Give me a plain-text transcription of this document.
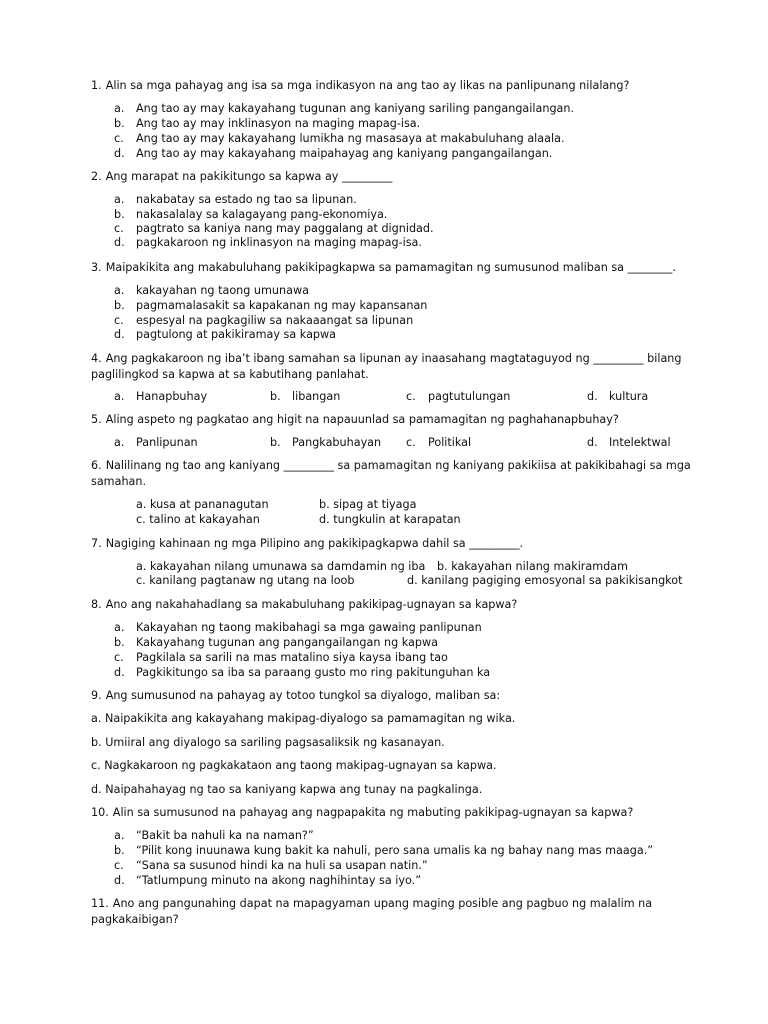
1. Alin sa mga pahayag ang isa sa mga indikasyon na ang tao ay likas na panlipunang nilalang?

a. Ang tao ay may kakayahang tugunan ang kaniyang sariling pangangailangan.
b. Ang tao ay may inklinasyon na maging mapag-isa.
c. Ang tao ay may kakayahang lumikha ng masasaya at makabuluhang alaala.
d. Ang tao ay may kakayahang maipahayag ang kaniyang pangangailangan.

2. Ang marapat na pakikitungo sa kapwa ay _________

a. nakabatay sa estado ng tao sa lipunan.
b. nakasalalay sa kalagayang pang-ekonomiya.
c. pagtrato sa kaniya nang may paggalang at dignidad.
d. pagkakaroon ng inklinasyon na maging mapag-isa.

3. Maipakikita ang makabuluhang pakikipagkapwa sa pamamagitan ng sumusunod maliban sa ________.

a. kakayahan ng taong umunawa
b. pagmamalasakit sa kapakanan ng may kapansanan
c. espesyal na pagkagiliw sa nakaaangat sa lipunan
d. pagtulong at pakikiramay sa kapwa

4. Ang pagkakaroon ng iba’t ibang samahan sa lipunan ay inaasahang magtataguyod ng _________ bilang paglilingkod sa kapwa at sa kabutihang panlahat.

a. Hanapbuhay	b. libangan	c. pagtutulungan	d. kultura

5. Aling aspeto ng pagkatao ang higit na napauunlad sa pamamagitan ng paghahanapbuhay?

a. Panlipunan	b. Pangkabuhayan c. Politikal	d. Intelektwal

6. Nalilinang ng tao ang kaniyang _________ sa pamamagitan ng kaniyang pakikiisa at pakikibahagi sa mga samahan.

a. kusa at pananagutan	b. sipag at tiyaga
c. talino at kakayahan	d. tungkulin at karapatan

7. Nagiging kahinaan ng mga Pilipino ang pakikipagkapwa dahil sa _________.

a. kakayahan nilang umunawa sa damdamin ng iba b. kakayahan nilang makiramdam
c. kanilang pagtanaw ng utang na loob	d. kanilang pagiging emosyonal sa pakikisangkot

8. Ano ang nakahahadlang sa makabuluhang pakikipag-ugnayan sa kapwa?

a. Kakayahan ng taong makibahagi sa mga gawaing panlipunan
b. Kakayahang tugunan ang pangangailangan ng kapwa
c. Pagkilala sa sarili na mas matalino siya kaysa ibang tao
d. Pagkikitungo sa iba sa paraang gusto mo ring pakitunguhan ka

9. Ang sumusunod na pahayag ay totoo tungkol sa diyalogo, maliban sa:

a. Naipakikita ang kakayahang makipag-diyalogo sa pamamagitan ng wika.
b. Umiiral ang diyalogo sa sariling pagsasaliksik ng kasanayan.
c. Nagkakaroon ng pagkakataon ang taong makipag-ugnayan sa kapwa.
d. Naipahahayag ng tao sa kaniyang kapwa ang tunay na pagkalinga.

10. Alin sa sumusunod na pahayag ang nagpapakita ng mabuting pakikipag-ugnayan sa kapwa?

a. “Bakit ba nahuli ka na naman?”
b. “Pilit kong inuunawa kung bakit ka nahuli, pero sana umalis ka ng bahay nang mas maaga.”
c. “Sana sa susunod hindi ka na huli sa usapan natin.”
d. “Tatlumpung minuto na akong naghihintay sa iyo.”

11. Ano ang pangunahing dapat na mapagyaman upang maging posible ang pagbuo ng malalim na pagkakaibigan?
